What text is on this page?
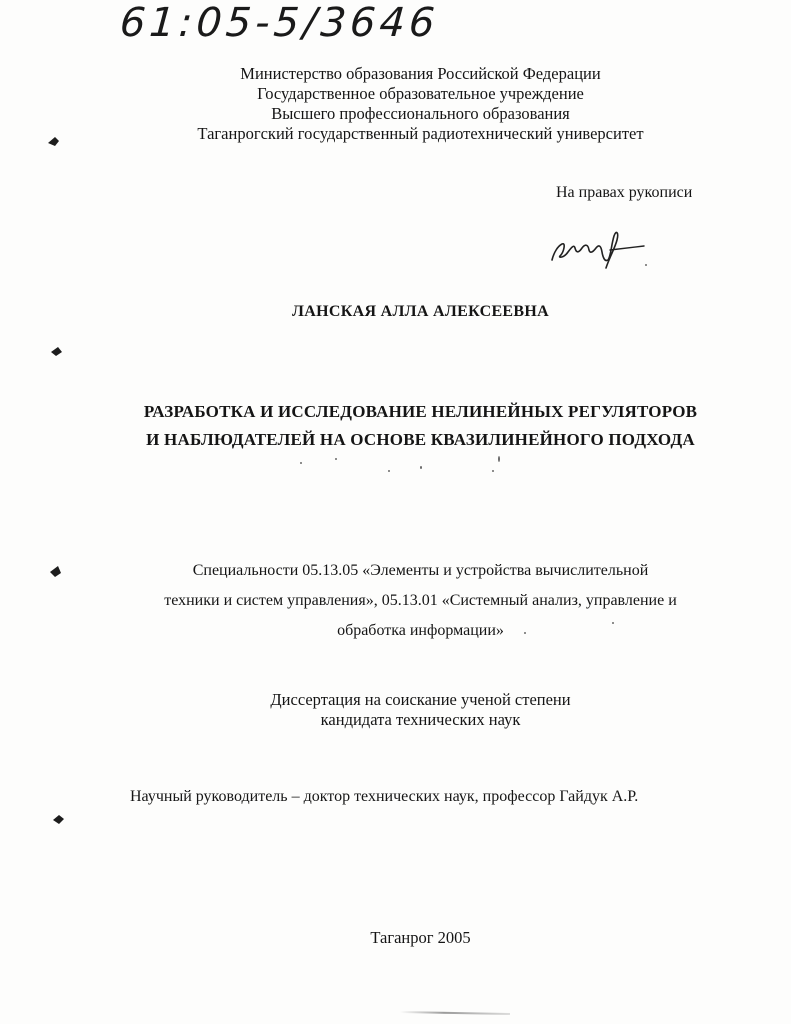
61:05-5/3646
Министерство образования Российской Федерации
Государственное образовательное учреждение
Высшего профессионального образования
Таганрогский государственный радиотехнический университет
На правах рукописи
ЛАНСКАЯ АЛЛА АЛЕКСЕЕВНА
РАЗРАБОТКА И ИССЛЕДОВАНИЕ НЕЛИНЕЙНЫХ РЕГУЛЯТОРОВ
И НАБЛЮДАТЕЛЕЙ НА ОСНОВЕ КВАЗИЛИНЕЙНОГО ПОДХОДА
Специальности 05.13.05 «Элементы и устройства вычислительной
техники и систем управления», 05.13.01 «Системный анализ, управление и
обработка информации»
Диссертация на соискание ученой степени
кандидата технических наук
Научный руководитель – доктор технических наук, профессор Гайдук А.Р.
Таганрог 2005
